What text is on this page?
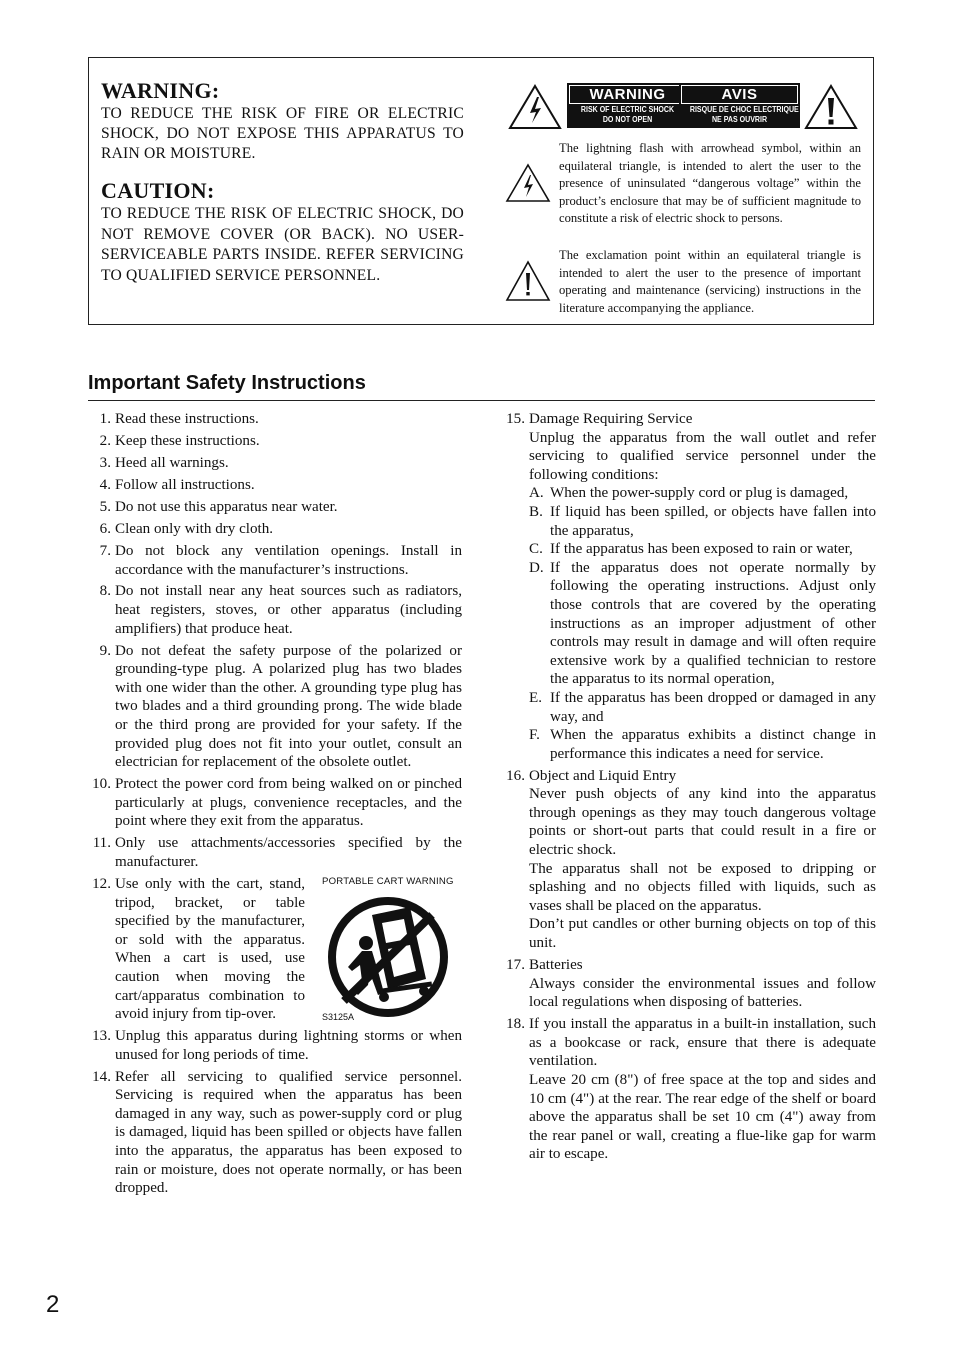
WARNING:

TO REDUCE THE RISK OF FIRE OR ELECTRIC SHOCK, DO NOT EXPOSE THIS APPARATUS TO RAIN OR MOISTURE.

CAUTION:

TO REDUCE THE RISK OF ELECTRIC SHOCK, DO NOT REMOVE COVER (OR BACK). NO USER-SERVICEABLE PARTS INSIDE. REFER SERVICING TO QUALIFIED SERVICE PERSONNEL.

WARNING
RISK OF ELECTRIC SHOCK
DO NOT OPEN
AVIS
RISQUE DE CHOC ELECTRIQUE
NE PAS OUVRIR
The lightning flash with arrowhead symbol, within an equilateral triangle, is intended to alert the user to the presence of uninsulated “dangerous voltage” within the product’s enclosure that may be of sufficient magnitude to constitute a risk of electric shock to persons.
The exclamation point within an equilateral triangle is intended to alert the user to the presence of important operating and maintenance (servicing) instructions in the literature accompanying the appliance.
Important Safety Instructions
1. Read these instructions.
2. Keep these instructions.
3. Heed all warnings.
4. Follow all instructions.
5. Do not use this apparatus near water.
6. Clean only with dry cloth.
7. Do not block any ventilation openings. Install in accordance with the manufacturer’s instructions.
8. Do not install near any heat sources such as radiators, heat registers, stoves, or other apparatus (including amplifiers) that produce heat.
9. Do not defeat the safety purpose of the polarized or grounding-type plug. A polarized plug has two blades with one wider than the other. A grounding type plug has two blades and a third grounding prong. The wide blade or the third prong are provided for your safety. If the provided plug does not fit into your outlet, consult an electrician for replacement of the obsolete outlet.
10. Protect the power cord from being walked on or pinched particularly at plugs, convenience receptacles, and the point where they exit from the apparatus.
11. Only use attachments/accessories specified by the manufacturer.
12. Use only with the cart, stand, tripod, bracket, or table specified by the manufacturer, or sold with the apparatus. When a cart is used, use caution when moving the cart/apparatus combination to avoid injury from tip-over.
PORTABLE CART WARNING
S3125A
13. Unplug this apparatus during lightning storms or when unused for long periods of time.
14. Refer all servicing to qualified service personnel. Servicing is required when the apparatus has been damaged in any way, such as power-supply cord or plug is damaged, liquid has been spilled or objects have fallen into the apparatus, the apparatus has been exposed to rain or moisture, does not operate normally, or has been dropped.
15. Damage Requiring Service
Unplug the apparatus from the wall outlet and refer servicing to qualified service personnel under the following conditions:
A. When the power-supply cord or plug is damaged,
B. If liquid has been spilled, or objects have fallen into the apparatus,
C. If the apparatus has been exposed to rain or water,
D. If the apparatus does not operate normally by following the operating instructions. Adjust only those controls that are covered by the operating instructions as an improper adjustment of other controls may result in damage and will often require extensive work by a qualified technician to restore the apparatus to its normal operation,
E. If the apparatus has been dropped or damaged in any way, and
F. When the apparatus exhibits a distinct change in performance this indicates a need for service.
16. Object and Liquid Entry
Never push objects of any kind into the apparatus through openings as they may touch dangerous voltage points or short-out parts that could result in a fire or electric shock.
The apparatus shall not be exposed to dripping or splashing and no objects filled with liquids, such as vases shall be placed on the apparatus.
Don’t put candles or other burning objects on top of this unit.
17. Batteries
Always consider the environmental issues and follow local regulations when disposing of batteries.
18. If you install the apparatus in a built-in installation, such as a bookcase or rack, ensure that there is adequate ventilation.
Leave 20 cm (8") of free space at the top and sides and 10 cm (4") at the rear. The rear edge of the shelf or board above the apparatus shall be set 10 cm (4") away from the rear panel or wall, creating a flue-like gap for warm air to escape.
2
